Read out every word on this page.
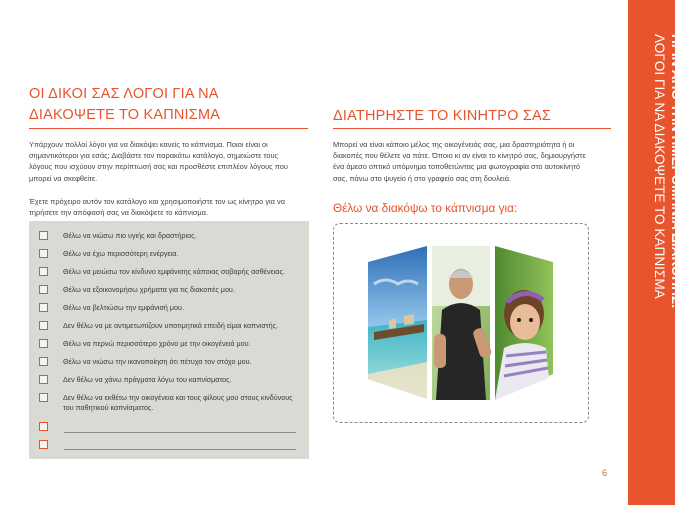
ΟΙ ΔΙΚΟΙ ΣΑΣ ΛΟΓΟΙ ΓΙΑ ΝΑ
ΔΙΑΚΟΨΕΤΕ ΤΟ ΚΑΠΝΙΣΜΑ
Υπάρχουν πολλοί λόγοι για να διακόψει κανείς το κάπνισμα. Ποιοι είναι οι
σημαντικότεροι για εσάς; Διαβάστε τον παρακάτω κατάλογο, σημειώστε τους
λόγους που ισχύουν στην περίπτωσή σας και προσθέστε επιπλέον λόγους που
μπορεί να σκεφθείτε.
Έχετε πρόχειρο αυτόν τον κατάλογο και χρησιμοποιήστε τον ως κίνητρο για να
τηρήσετε την απόφασή σας να διακόψετε το κάπνισμα.
Θέλω να νιώσω πιο υγιής και δραστήριος.
Θέλω να έχω περισσότερη ενέργεια.
Θέλω να μειώσω τον κίνδυνο εμφάνισης κάποιας σοβαρής ασθένειας.
Θέλω να εξοικονομήσω χρήματα για τις διακοπές μου.
Θέλω να βελτιώσω την εμφάνισή μου.
Δεν θέλω να με αντιμετωπίζουν υποτιμητικά επειδή είμαι καπνιστής.
Θέλω να περνώ περισσότερο χρόνο με την οικογένειά μου.
Θέλω να νιώσω την ικανοποίηση ότι πέτυχα τον στόχο μου.
Δεν θέλω να χάνω πράγματα λόγω του καπνίσματος.
Δεν θέλω να εκθέτω την οικογένεια και τους φίλους μου στους κινδύνους του παθητικού καπνίσματος.
ΔΙΑΤΗΡΗΣΤΕ ΤΟ ΚΙΝΗΤΡΟ ΣΑΣ
Μπορεί να είναι κάποιο μέλος της οικογένειάς σας, μια δραστηριότητα ή οι
διακοπές που θέλετε να πάτε. Όποιο κι αν είναι το κίνητρό σας, δημιουργήστε
ένα άμεσο οπτικό υπόμνημα τοποθετώντας μια φωτογραφία στο αυτοκίνητό
σας, πάνω στο ψυγείο ή στο γραφείο σας στη δουλειά.
Θέλω να διακόψω το κάπνισμα για:
6
ΠΡΙΝ ΑΠΟ ΤΗΝ ΗΜΕΡΟΜΗΝΙΑ ΔΙΑΚΟΠΗΣ:
ΛΟΓΟΙ ΓΙΑ ΝΑ ΔΙΑΚΟΨΕΤΕ ΤΟ ΚΑΠΝΙΣΜΑ
